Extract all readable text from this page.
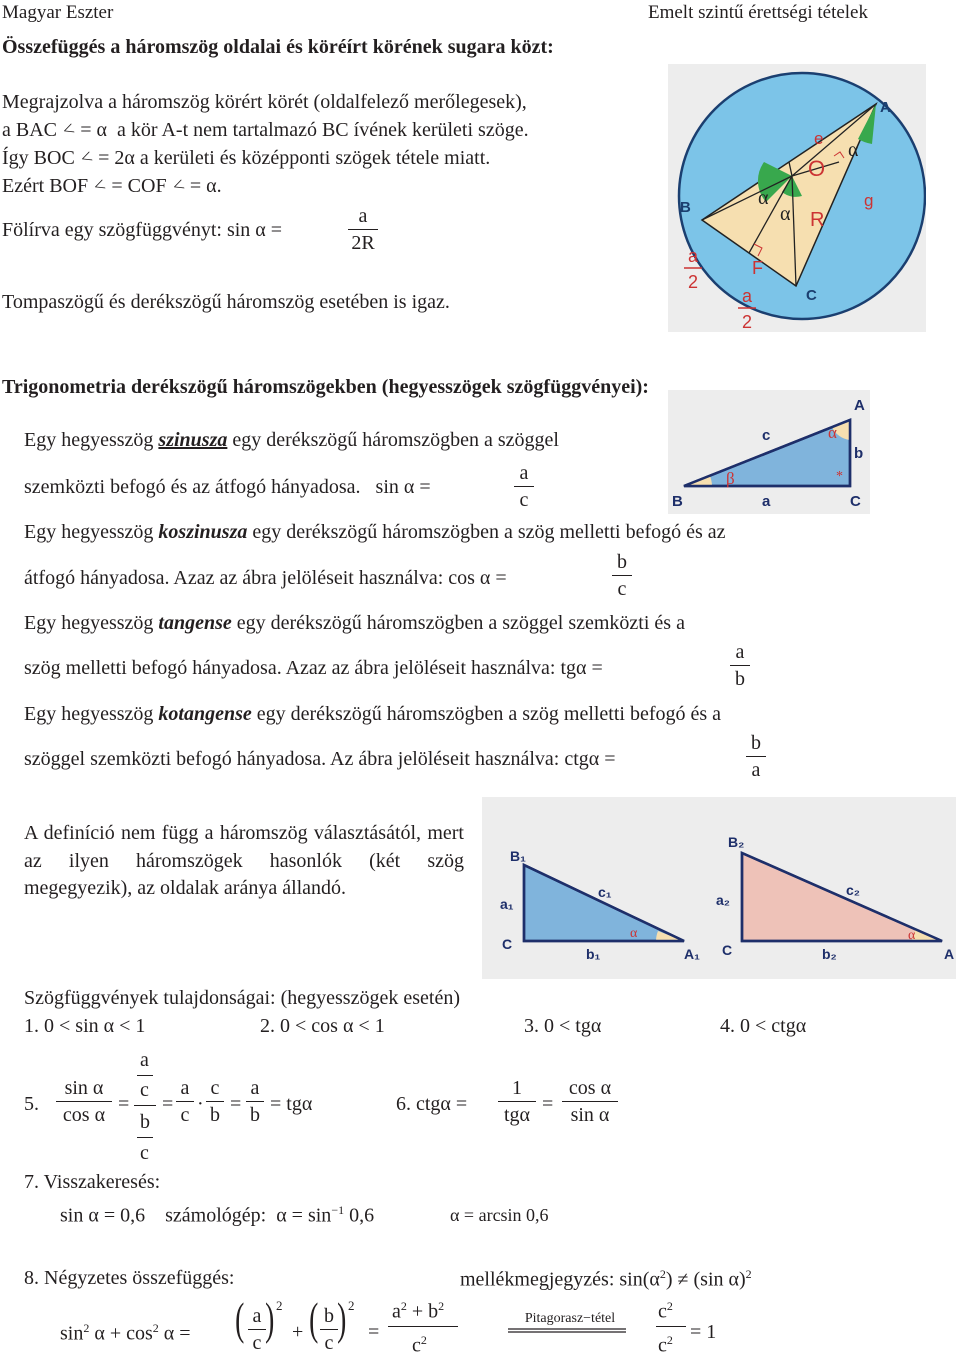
Magyar Eszter	Emelt szintű érettségi tételek
Összefüggés a háromszög oldalai és köréírt körének sugara közt:
Megrajzolva a háromszög körért körét (oldalfelező merőlegesek),
a BAC < = α a kör A-t nem tartalmazó BC ívének kerületi szöge.
Így BOC < = 2α a kerületi és középponti szögek tétele miatt.
Ezért BOF < = COF < = α.
Fölírva egy szögfüggvényt: sin α =
a
2R
Tompaszögű és derékszögű háromszög esetében is igaz.
A
B
C
O
R
F
e
g
α
α
α
a
2
a
2
Trigonometria derékszögű háromszögekben (hegyesszögek szögfüggvényei):
Egy hegyesszög szinusza egy derékszögű háromszögben a szöggel
szemközti befogó és az átfogó hányadosa. sin α =
a
c
A
B	C
c
b
a
β
α
*
Egy hegyesszög koszinusza egy derékszögű háromszögben a szög melletti befogó és az
átfogó hányadosa. Azaz az ábra jelöléseit használva: cos α =
b
c
Egy hegyesszög tangense egy derékszögű háromszögben a szöggel szemközti és a
szög melletti befogó hányadosa. Azaz az ábra jelöléseit használva: tgα =
a
b
Egy hegyesszög kotangense egy derékszögű háromszögben a szög melletti befogó és a
szöggel szemközti befogó hányadosa. Az ábra jelöléseit használva: ctgα =
b
a
A definíció nem függ a háromszög választásától, mert az ilyen háromszögek hasonlók (két szög megegyezik), az oldalak aránya állandó.
α
B₁
a₁
c₁
C
b₁	A₁
α
B₂
a₂
c₂
C	b₂	A
Szögfüggvények tulajdonságai: (hegyesszögek esetén)
1. 0 < sin α < 1	2. 0 < cos α < 1	3. 0 < tgα	4. 0 < ctgα
5.
sin α
cos α =
a
c
b
c
=
a
c ·
c
b =
a
b = tgα	6. ctgα =
1
tgα =
cos α
sin α
7. Visszakeresés:
sin α = 0,6 számológép: $\alpha = \sin^{-1} 0,6$	α = arcsin 0,6
8. Négyzetes összefüggés:	mellékmegjegyzés: $\sin(\alpha^2) \ne (\sin$ α)$^2$
$\sin^2 \alpha + \cos^2 \alpha$ = ( a
c ) 2
+ ( b
c ) 2
=
$a^2 + b^2$
$c^2$
Pitagorasz−tétel	$c^2$
$c^2 = 1$
